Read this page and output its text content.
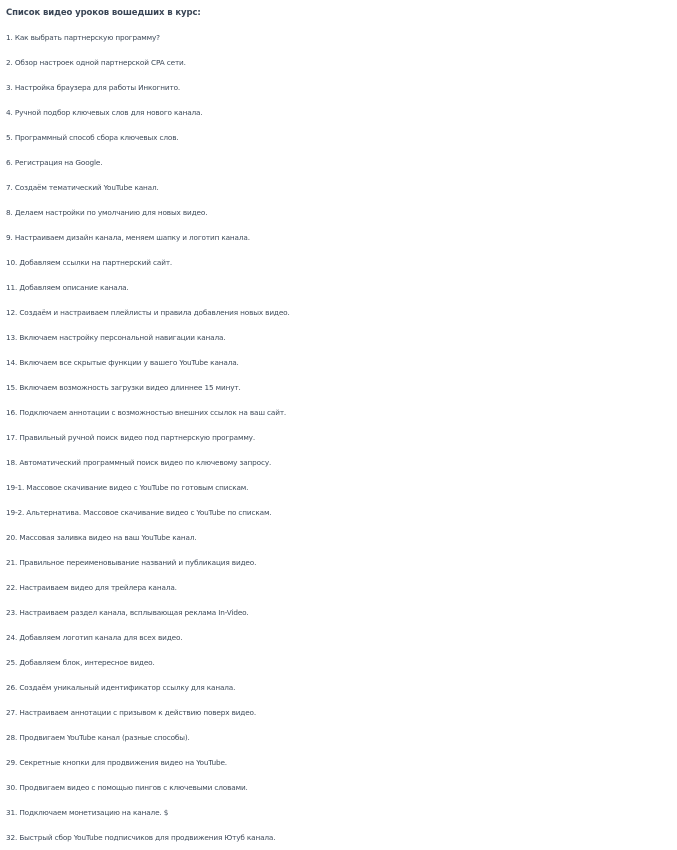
Список видео уроков вошедших в курс:
1. Как выбрать партнерскую программу?
2. Обзор настроек одной партнерской CPA сети.
3. Настройка браузера для работы Инкогнито.
4. Ручной подбор ключевых слов для нового канала.
5. Программный способ сбора ключевых слов.
6. Регистрация на Google.
7. Создаём тематический YouTube канал.
8. Делаем настройки по умолчанию для новых видео.
9. Настраиваем дизайн канала, меняем шапку и логотип канала.
10. Добавляем ссылки на партнерский сайт.
11. Добавляем описание канала.
12. Создаём и настраиваем плейлисты и правила добавления новых видео.
13. Включаем настройку персональной навигации канала.
14. Включаем все скрытые функции у вашего YouTube канала.
15. Включаем возможность загрузки видео длиннее 15 минут.
16. Подключаем аннотации с возможностью внешних ссылок на ваш сайт.
17. Правильный ручной поиск видео под партнерскую программу.
18. Автоматический программный поиск видео по ключевому запросу.
19-1. Массовое скачивание видео с YouTube по готовым спискам.
19-2. Альтернатива. Массовое скачивание видео с YouTube по спискам.
20. Массовая заливка видео на ваш YouTube канал.
21. Правильное переименовывание названий и публикация видео.
22. Настраиваем видео для трейлера канала.
23. Настраиваем раздел канала, всплывающая реклама In-Video.
24. Добавляем логотип канала для всех видео.
25. Добавляем блок, интересное видео.
26. Создаём уникальный идентификатор ссылку для канала.
27. Настраиваем аннотации с призывом к действию поверх видео.
28. Продвигаем YouTube канал (разные способы).
29. Секретные кнопки для продвижения видео на YouTube.
30. Продвигаем видео с помощью пингов с ключевыми словами.
31. Подключаем монетизацию на канале. $
32. Быстрый сбор YouTube подписчиков для продвижения Ютуб канала.
